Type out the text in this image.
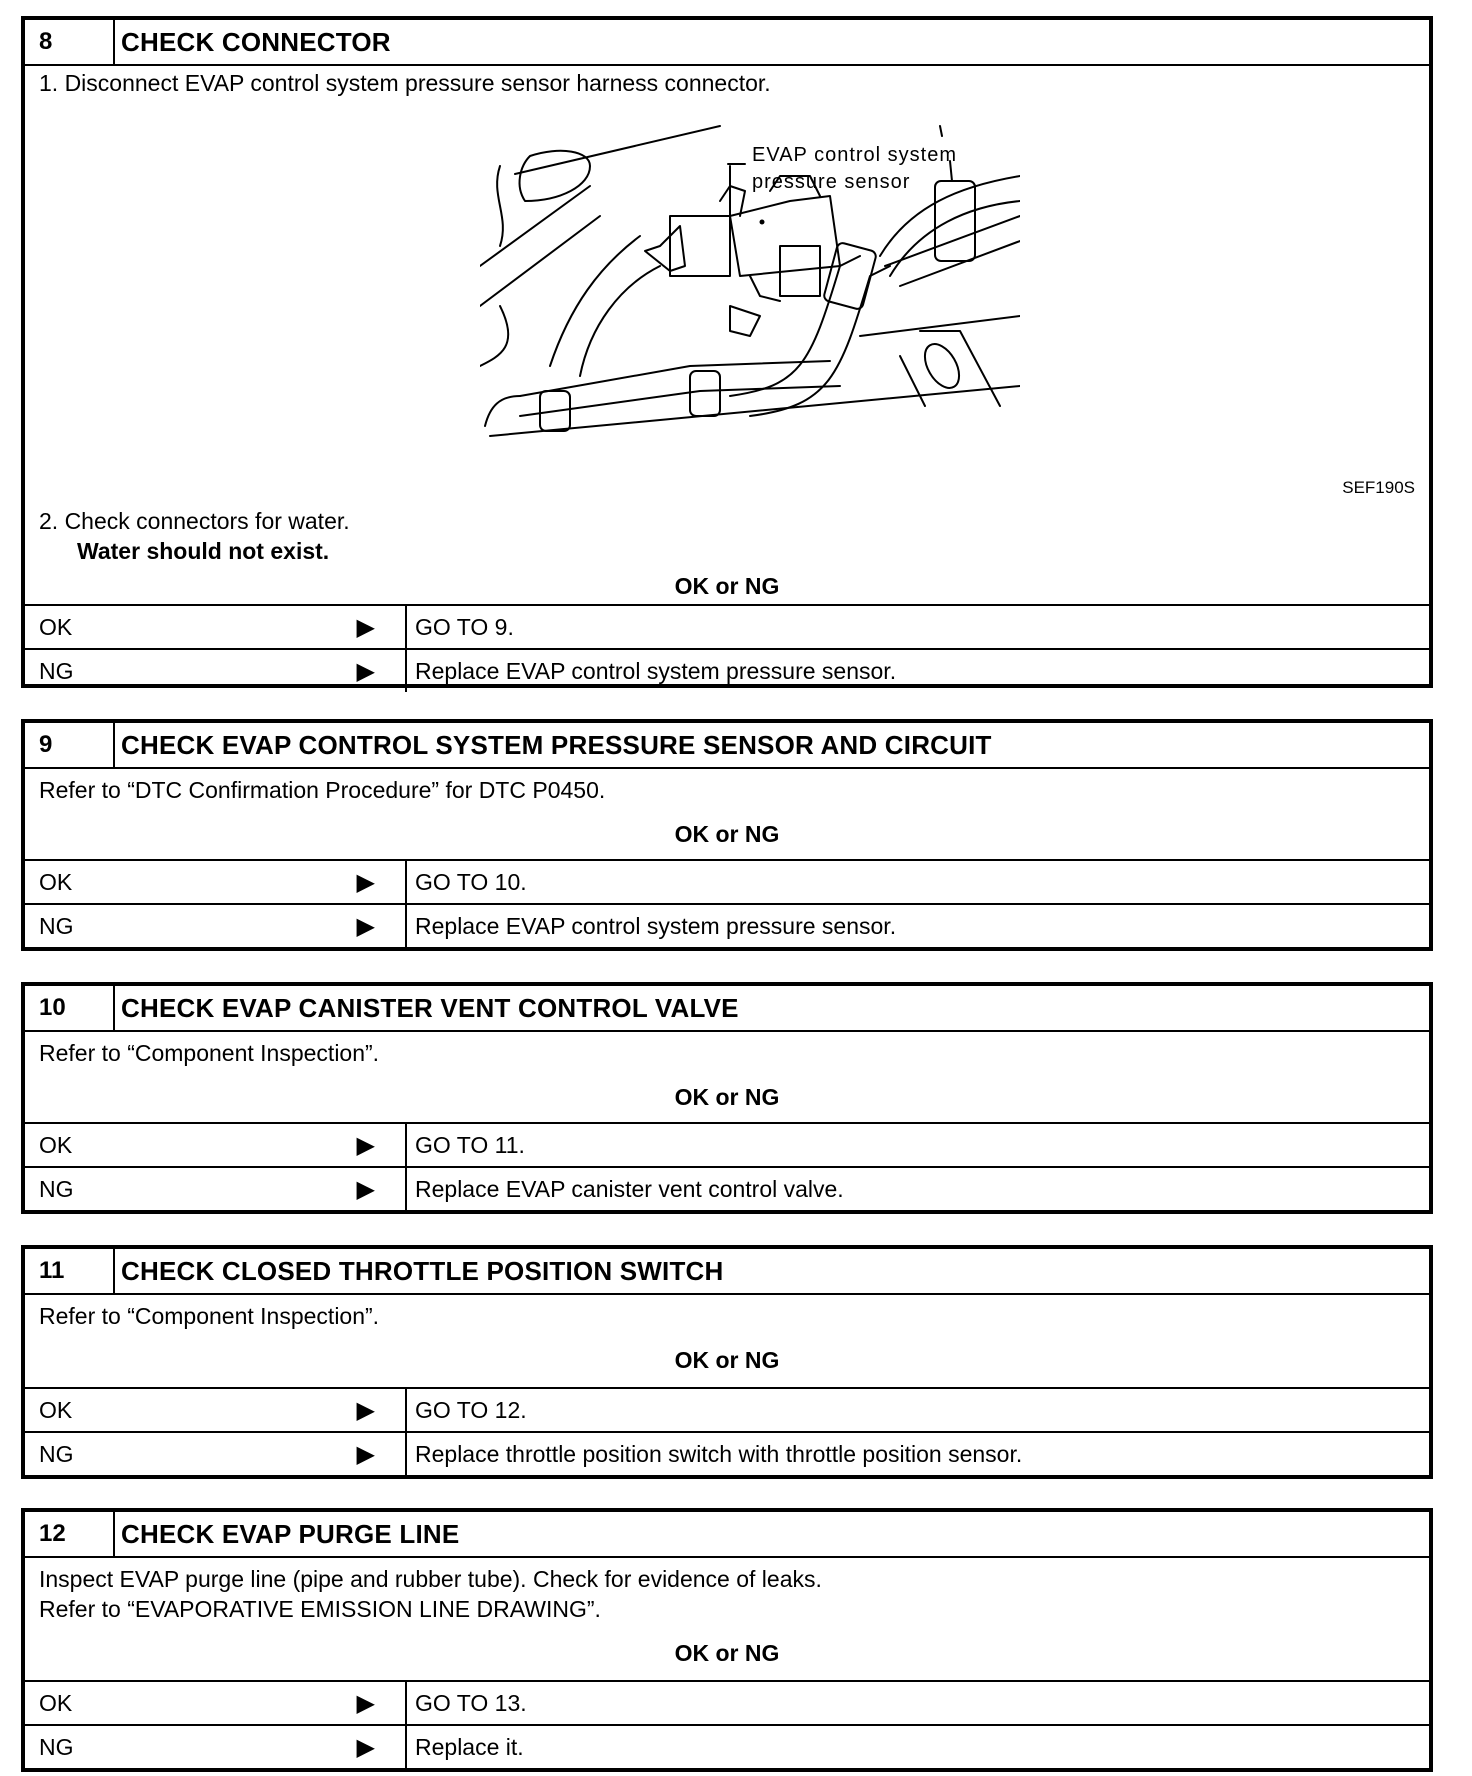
8	CHECK CONNECTOR
1. Disconnect EVAP control system pressure sensor harness connector.
EVAP control system
pressure sensor
SEF190S
2. Check connectors for water.
Water should not exist.
OK or NG
OK	▶	GO TO 9.
NG	▶	Replace EVAP control system pressure sensor.
9	CHECK EVAP CONTROL SYSTEM PRESSURE SENSOR AND CIRCUIT
Refer to “DTC Confirmation Procedure” for DTC P0450.
OK or NG
OK	▶	GO TO 10.
NG	▶	Replace EVAP control system pressure sensor.
10	CHECK EVAP CANISTER VENT CONTROL VALVE
Refer to “Component Inspection”.
OK or NG
OK	▶	GO TO 11.
NG	▶	Replace EVAP canister vent control valve.
11	CHECK CLOSED THROTTLE POSITION SWITCH
Refer to “Component Inspection”.
OK or NG
OK	▶	GO TO 12.
NG	▶	Replace throttle position switch with throttle position sensor.
12	CHECK EVAP PURGE LINE
Inspect EVAP purge line (pipe and rubber tube). Check for evidence of leaks.
Refer to “EVAPORATIVE EMISSION LINE DRAWING”.
OK or NG
OK	▶	GO TO 13.
NG	▶	Replace it.
